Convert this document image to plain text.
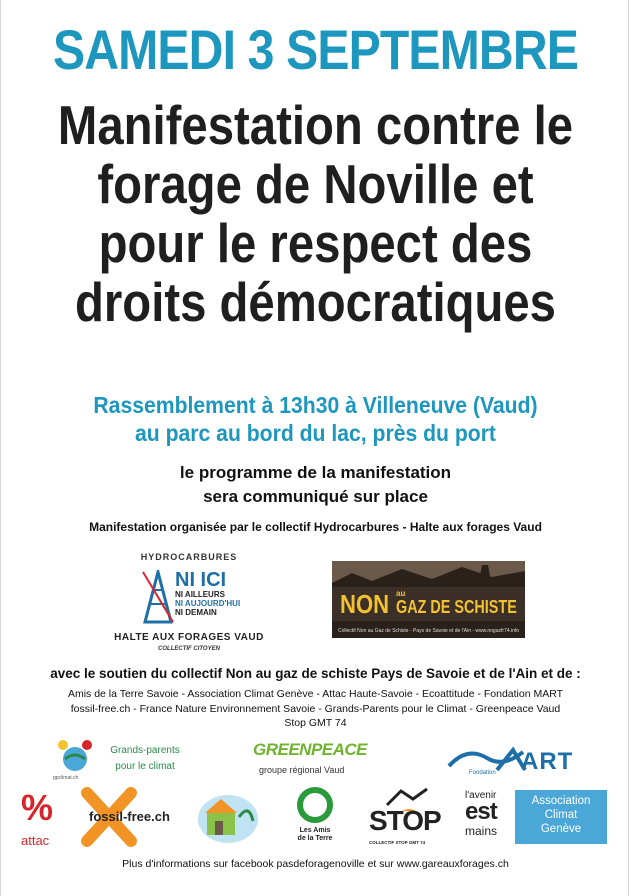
SAMEDI 3 SEPTEMBRE
Manifestation contre le
forage de Noville et
pour le respect des
droits démocratiques
Rassemblement à 13h30 à Villeneuve (Vaud)
au parc au bord du lac, près du port
le programme de la manifestation
sera communiqué sur place
Manifestation organisée par le collectif Hydrocarbures - Halte aux forages Vaud
HYDROCARBURES
NI ICI
NI AILLEURS
NI AUJOURD'HUI
NI DEMAIN
HALTE AUX FORAGES VAUD
COLLECTIF CITOYEN
NON au
GAZ DE SCHISTE
Collectif Non au Gaz de Schiste - Pays de Savoie et de l'Ain - www.nogazfr74.info
avec le soutien du collectif Non au gaz de schiste Pays de Savoie et de l'Ain et de :
Amis de la Terre Savoie - Association Climat Genève - Attac Haute-Savoie - Ecoattitude - Fondation MART
fossil-free.ch - France Nature Environnement Savoie - Grands-Parents pour le Climat - Greenpeace Vaud
Stop GMT 74
Grands-parents
pour le climat
gpclimat.ch
GREENPEACE
groupe régional Vaud	ART
Fondation
%
attac
fossil-free.ch
Les Amis
de la Terre
STOP
COLLECTIF STOP GMT 74
l'avenir
est
mains
Association
Climat
Genève
Plus d'informations sur facebook pasdeforagenoville et sur www.gareauxforages.ch
